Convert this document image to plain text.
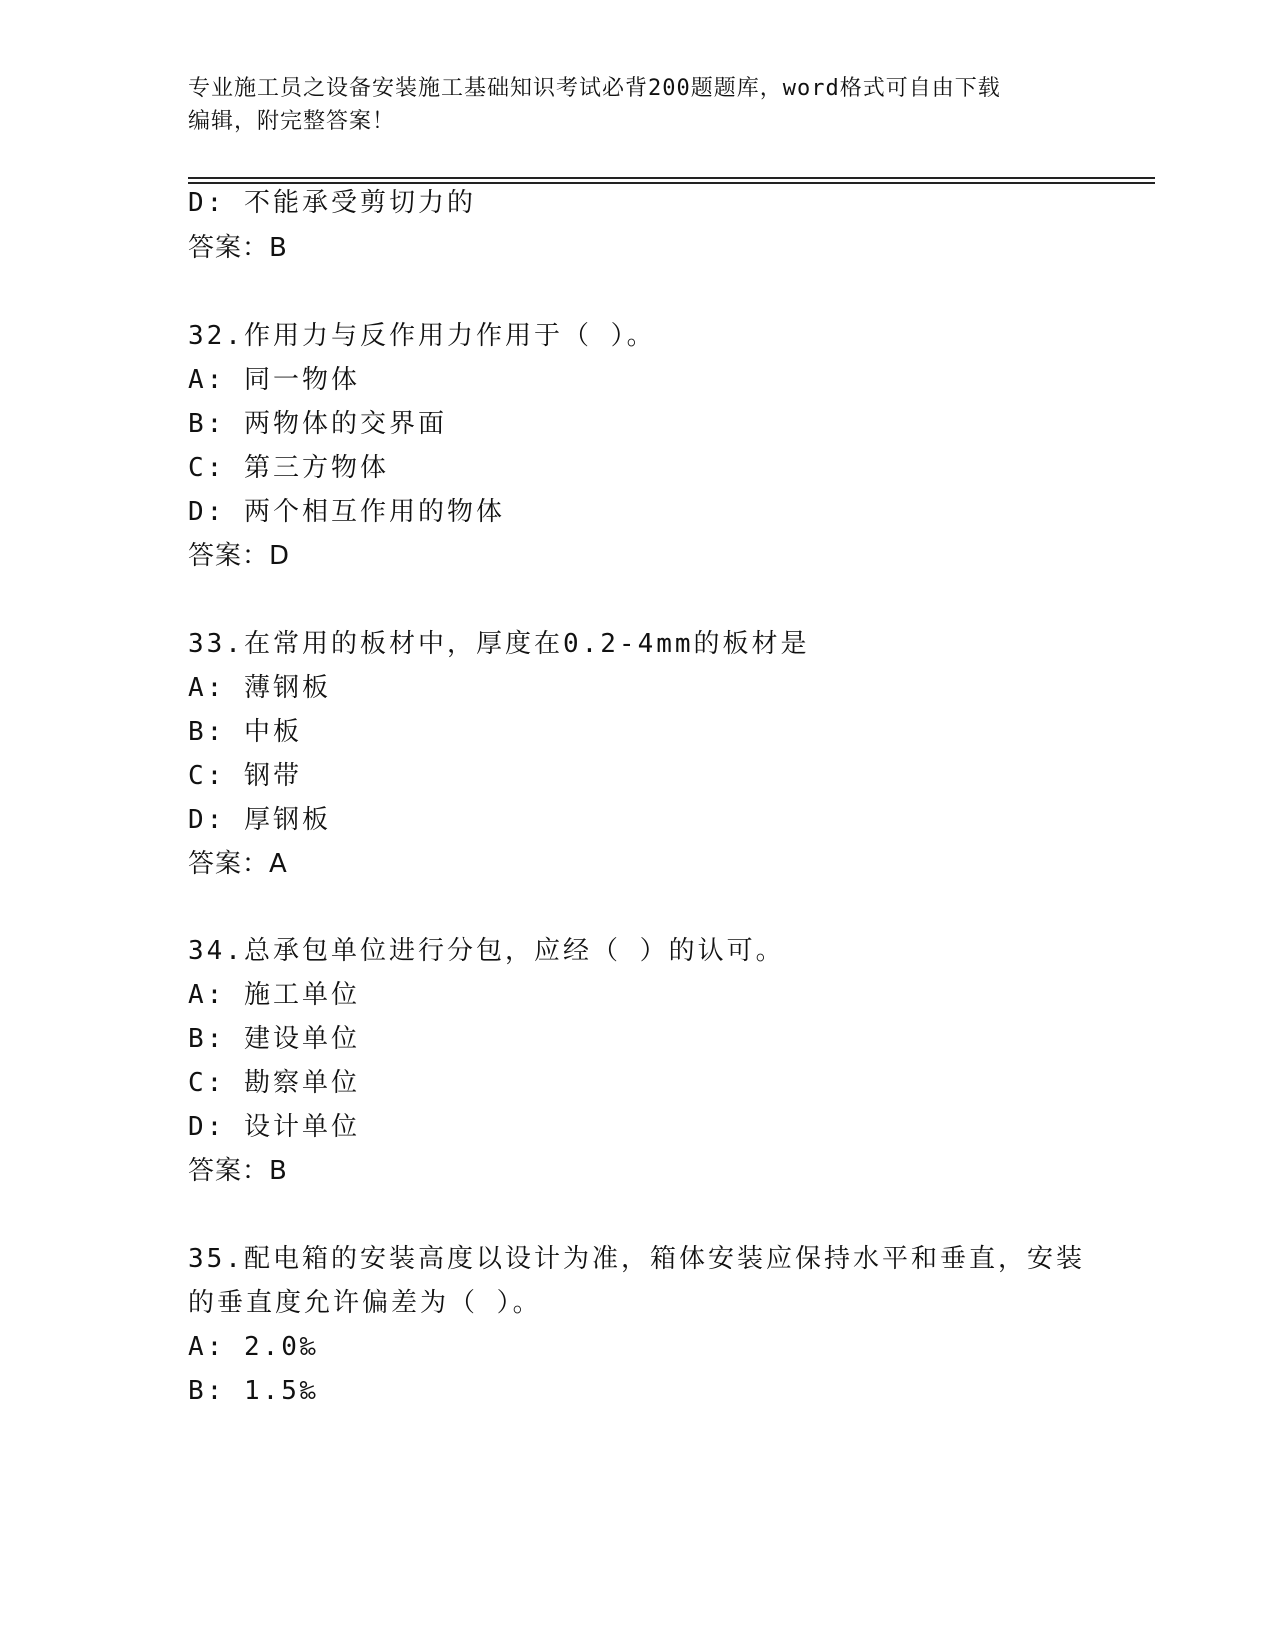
专业施工员之设备安装施工基础知识考试必背200题题库，word格式可自由下载
编辑，附完整答案！
D: 不能承受剪切力的
答案：B
32.作用力与反作用力作用于（ ）。
A: 同一物体
B: 两物体的交界面
C: 第三方物体
D: 两个相互作用的物体
答案：D
33.在常用的板材中，厚度在0.2-4mm的板材是
A: 薄钢板
B: 中板
C: 钢带
D: 厚钢板
答案：A
34.总承包单位进行分包，应经（ ）的认可。
A: 施工单位
B: 建设单位
C: 勘察单位
D: 设计单位
答案：B
35.配电箱的安装高度以设计为准，箱体安装应保持水平和垂直，安装
的垂直度允许偏差为（ ）。
A: 2.0‰
B: 1.5‰
